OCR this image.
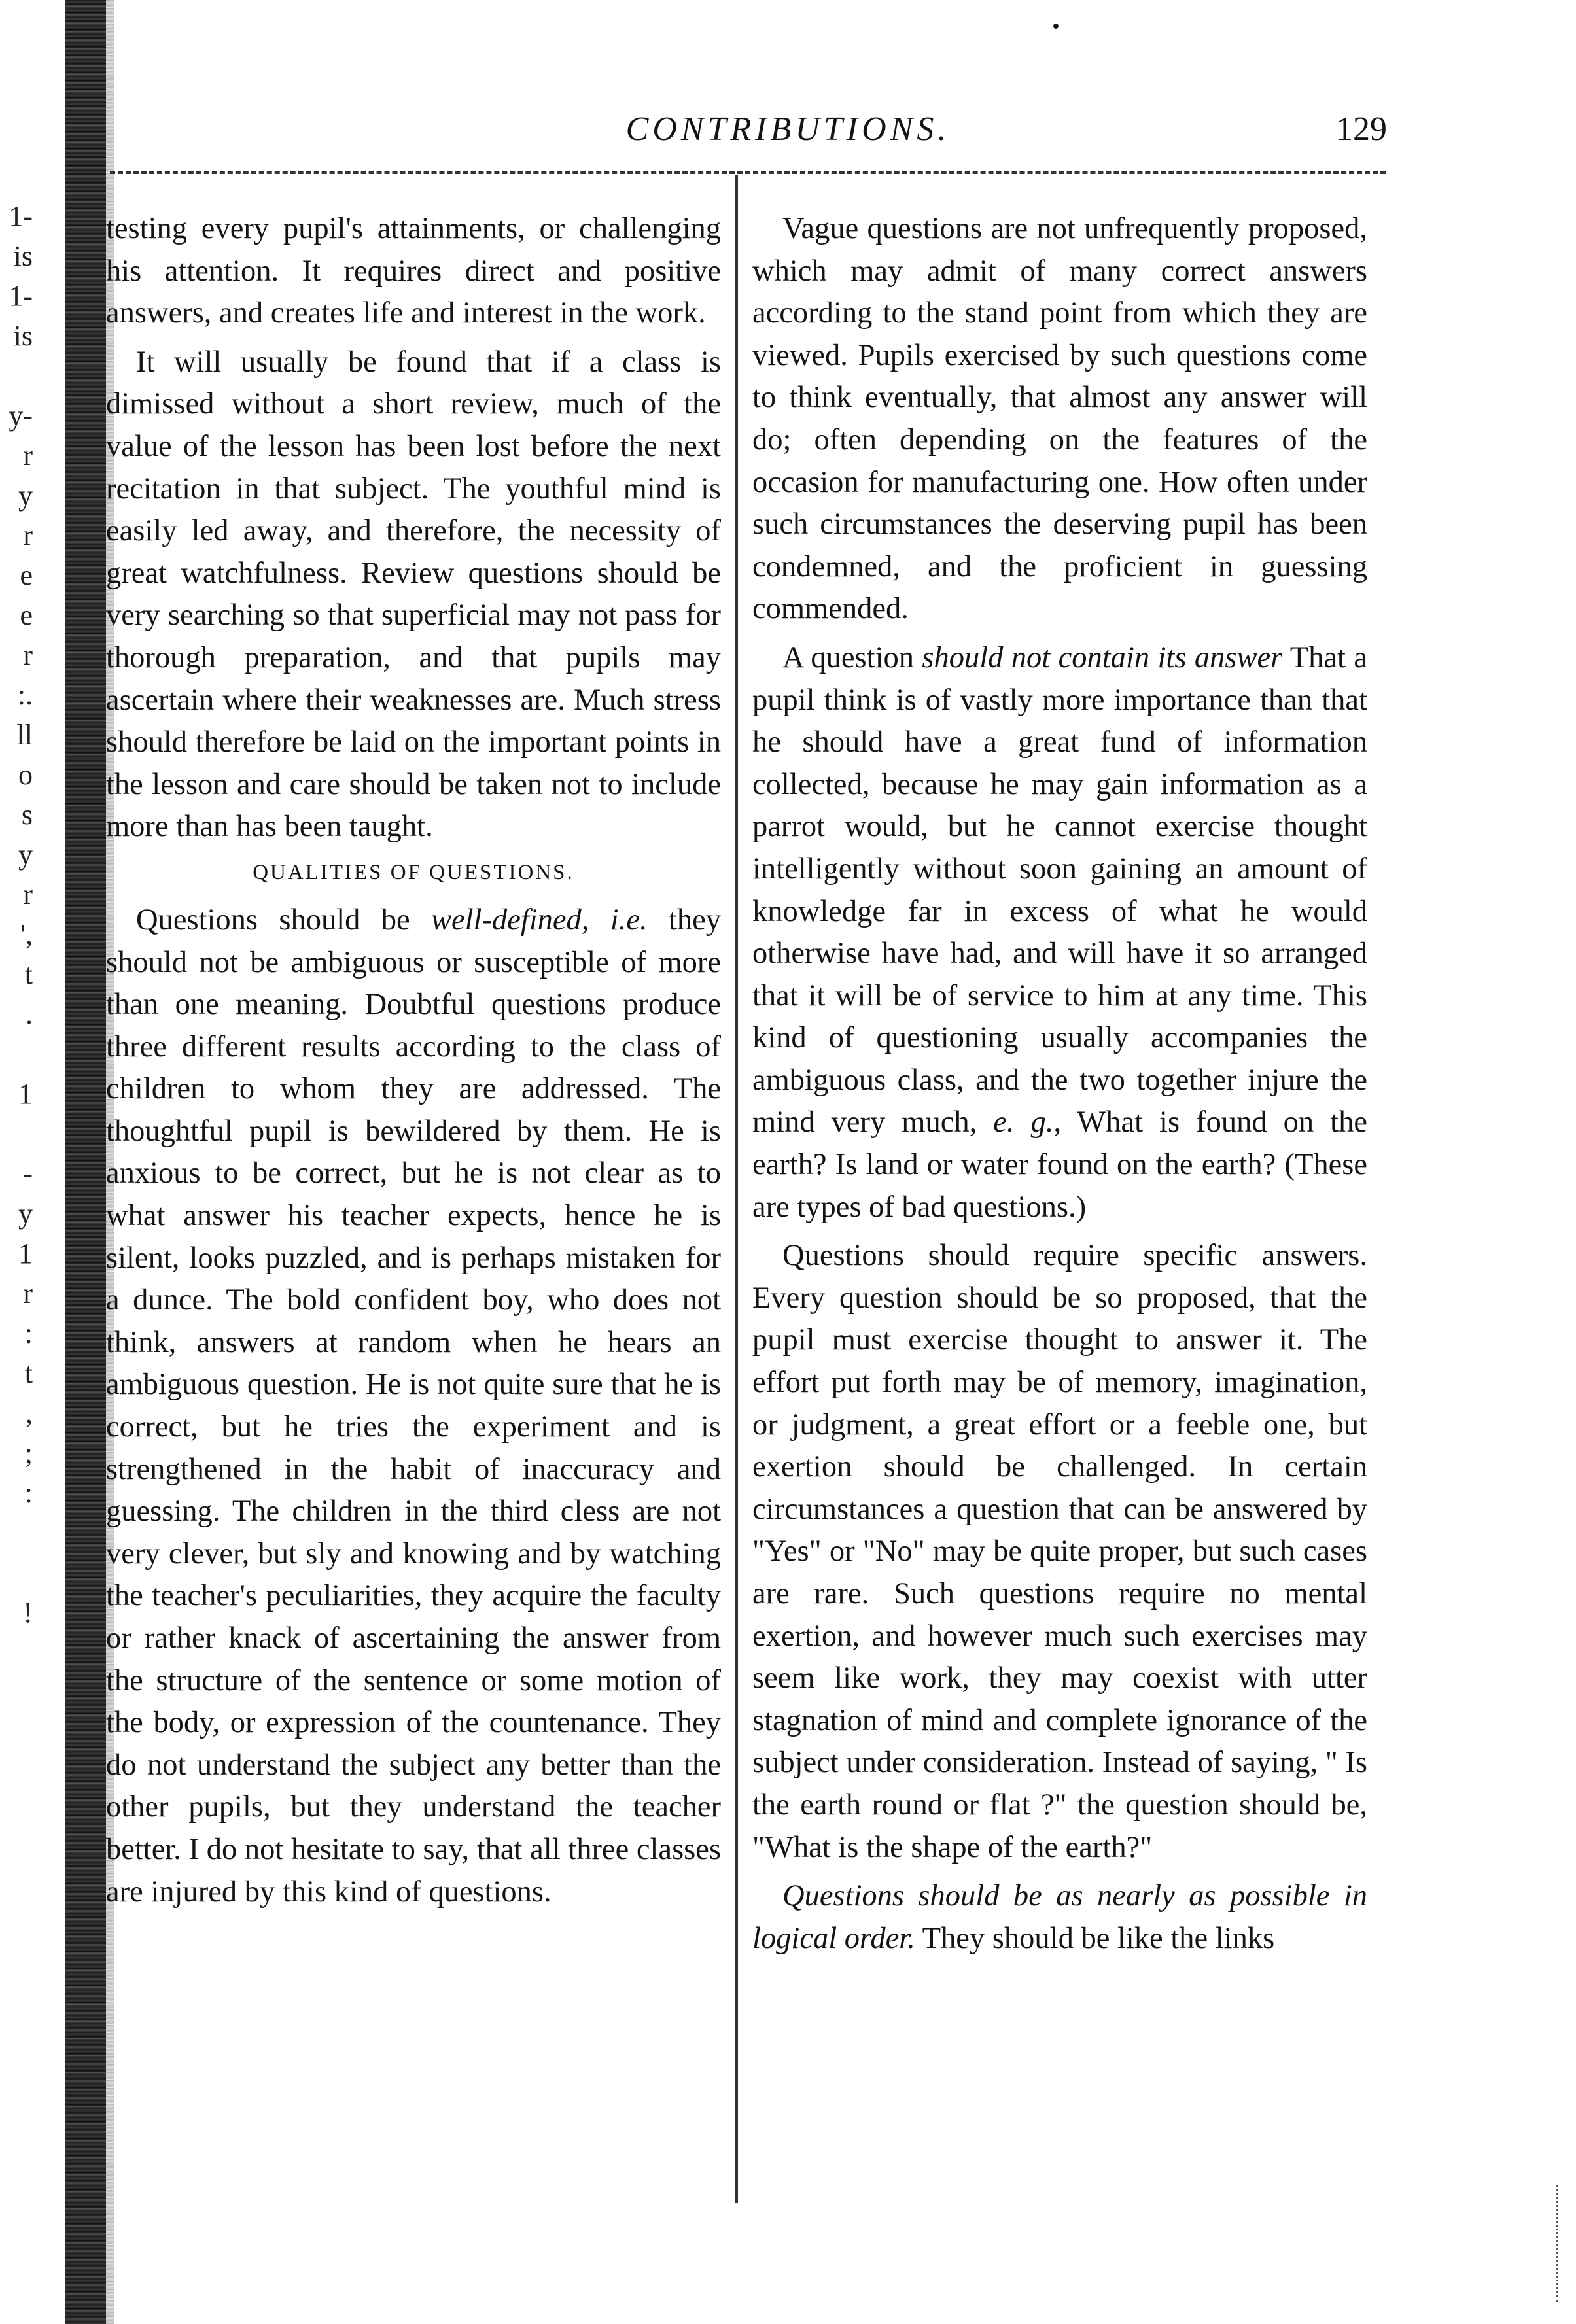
1-
is
1-
is

y-
r
y
r
e
e
r
:.
ll
o
s
y
r
',
t
.

1

-
y
1
r
:
t
,
;
:

!

•
CONTRIBUTIONS.	129

testing every pupil's attainments, or challenging his attention. It requires direct and positive answers, and creates life and interest in the work.

It will usually be found that if a class is dimissed without a short review, much of the value of the lesson has been lost before the next recitation in that subject. The youthful mind is easily led away, and therefore, the necessity of great watchfulness. Review questions should be very searching so that superficial may not pass for thorough preparation, and that pupils may ascertain where their weaknesses are. Much stress should therefore be laid on the important points in the lesson and care should be taken not to include more than has been taught.

QUALITIES OF QUESTIONS.

Questions should be well-defined, i.e. they should not be ambiguous or susceptible of more than one meaning. Doubtful questions produce three different results according to the class of children to whom they are addressed. The thoughtful pupil is bewildered by them. He is anxious to be correct, but he is not clear as to what answer his teacher expects, hence he is silent, looks puzzled, and is perhaps mistaken for a dunce. The bold confident boy, who does not think, answers at random when he hears an ambiguous question. He is not quite sure that he is correct, but he tries the experiment and is strengthened in the habit of inaccuracy and guessing. The children in the third cless are not very clever, but sly and knowing and by watching the teacher's peculiarities, they acquire the faculty or rather knack of ascertaining the answer from the structure of the sentence or some motion of the body, or expression of the countenance. They do not understand the subject any better than the other pupils, but they understand the teacher better. I do not hesitate to say, that all three classes are injured by this kind of questions.

Vague questions are not unfrequently proposed, which may admit of many correct answers according to the stand point from which they are viewed. Pupils exercised by such questions come to think eventually, that almost any answer will do; often depending on the features of the occasion for manufacturing one. How often under such circumstances the deserving pupil has been condemned, and the proficient in guessing commended.

A question should not contain its answer That a pupil think is of vastly more importance than that he should have a great fund of information collected, because he may gain information as a parrot would, but he cannot exercise thought intelligently without soon gaining an amount of knowledge far in excess of what he would otherwise have had, and will have it so arranged that it will be of service to him at any time. This kind of questioning usually accompanies the ambiguous class, and the two together injure the mind very much, e. g., What is found on the earth? Is land or water found on the earth? (These are types of bad questions.)

Questions should require specific answers. Every question should be so proposed, that the pupil must exercise thought to answer it. The effort put forth may be of memory, imagination, or judgment, a great effort or a feeble one, but exertion should be challenged. In certain circumstances a question that can be answered by "Yes" or "No" may be quite proper, but such cases are rare. Such questions require no mental exertion, and however much such exercises may seem like work, they may coexist with utter stagnation of mind and complete ignorance of the subject under consideration. Instead of saying, " Is the earth round or flat ?" the question should be, "What is the shape of the earth?"

Questions should be as nearly as possible in logical order. They should be like the links
